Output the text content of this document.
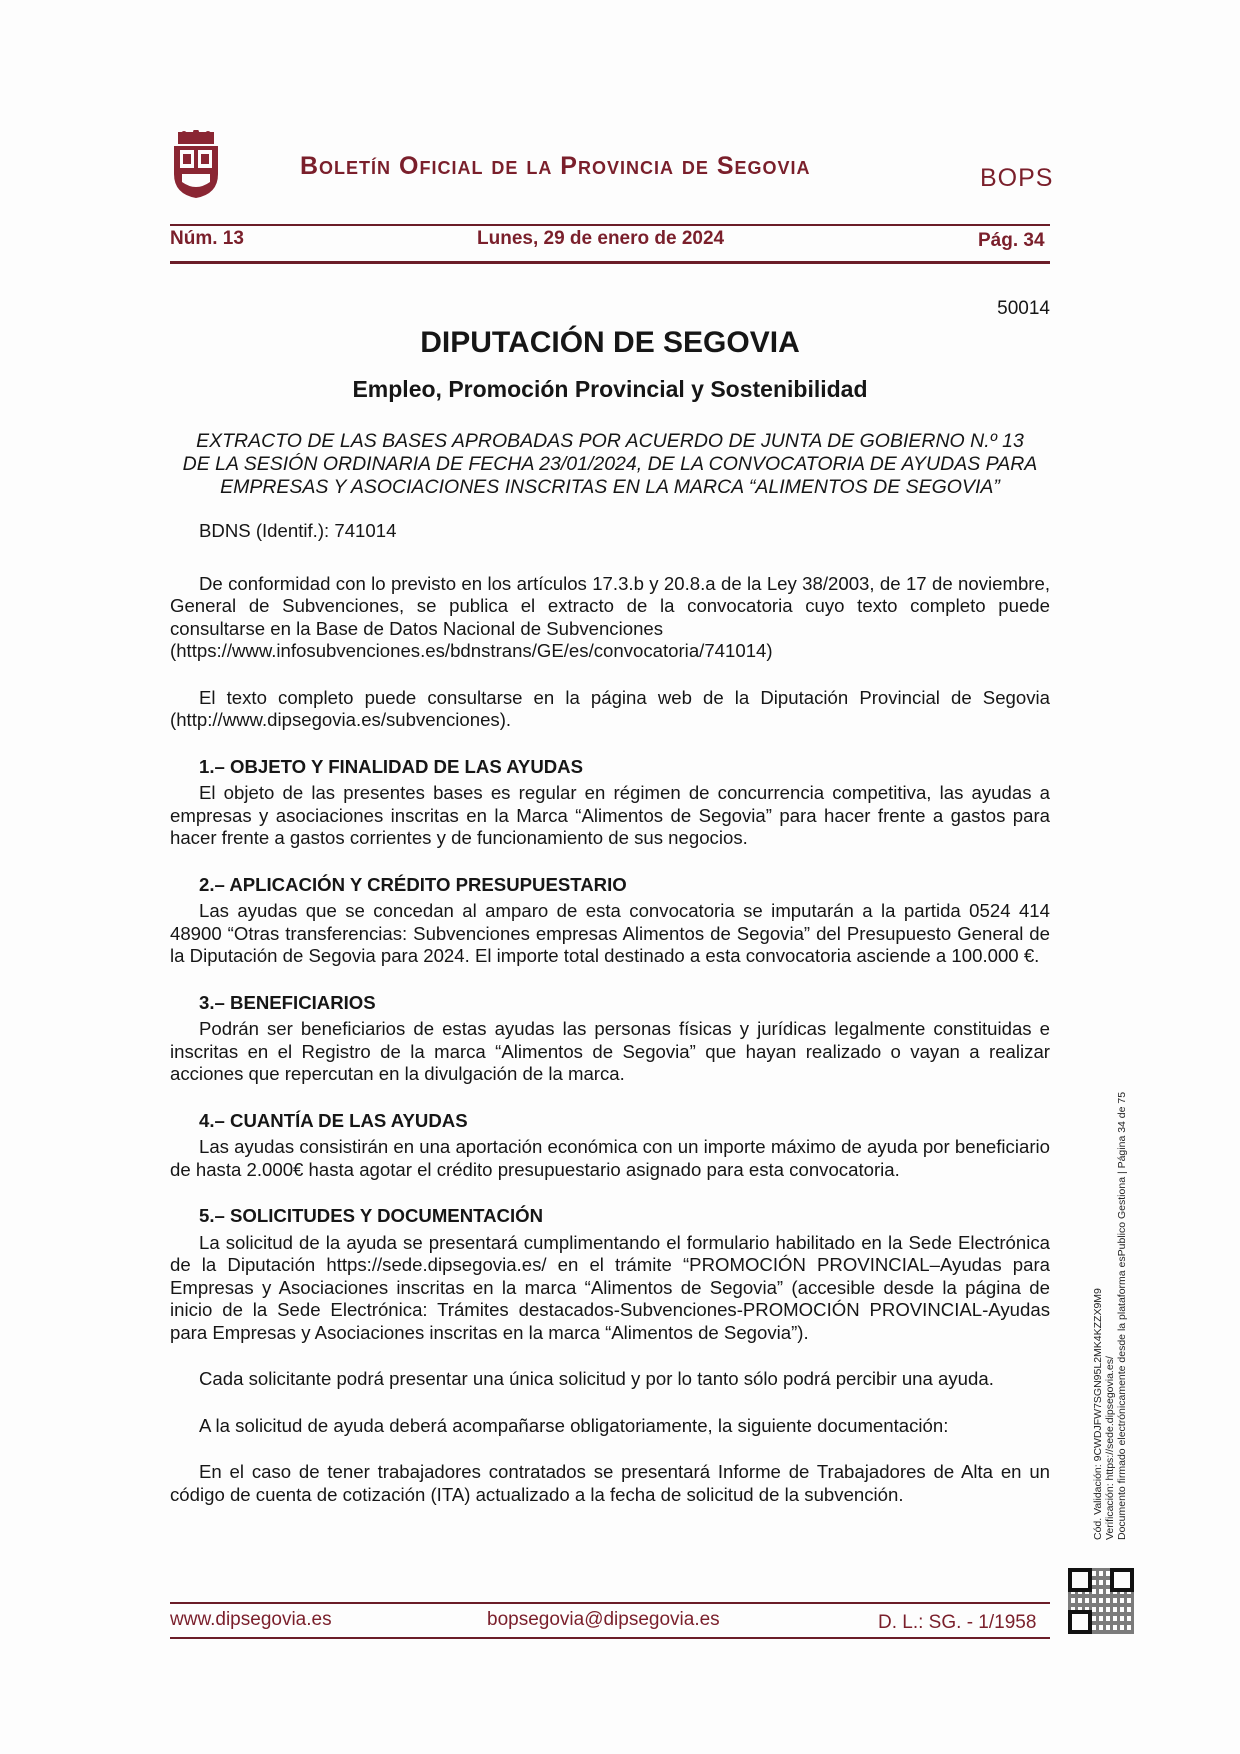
Boletín Oficial de la Provincia de Segovia	BOPS
Núm. 13	Lunes, 29 de enero de 2024	Pág. 34
50014
DIPUTACIÓN DE SEGOVIA
Empleo, Promoción Provincial y Sostenibilidad
EXTRACTO DE LAS BASES APROBADAS POR ACUERDO DE JUNTA DE GOBIERNO N.º 13
DE LA SESIÓN ORDINARIA DE FECHA 23/01/2024, DE LA CONVOCATORIA DE AYUDAS PARA
EMPRESAS Y ASOCIACIONES INSCRITAS EN LA MARCA “ALIMENTOS DE SEGOVIA”

BDNS (Identif.): 741014

De conformidad con lo previsto en los artículos 17.3.b y 20.8.a de la Ley 38/2003, de 17 de noviembre, General de Subvenciones, se publica el extracto de la convocatoria cuyo texto completo puede consultarse en la Base de Datos Nacional de Subvenciones

(https://www.infosubvenciones.es/bdnstrans/GE/es/convocatoria/741014)

El texto completo puede consultarse en la página web de la Diputación Provincial de Segovia (http://www.dipsegovia.es/subvenciones).

1.– OBJETO Y FINALIDAD DE LAS AYUDAS

El objeto de las presentes bases es regular en régimen de concurrencia competitiva, las ayudas a empresas y asociaciones inscritas en la Marca “Alimentos de Segovia” para hacer frente a gastos para hacer frente a gastos corrientes y de funcionamiento de sus negocios.

2.– APLICACIÓN Y CRÉDITO PRESUPUESTARIO

Las ayudas que se concedan al amparo de esta convocatoria se imputarán a la partida 0524 414 48900 “Otras transferencias: Subvenciones empresas Alimentos de Segovia” del Presupuesto General de la Diputación de Segovia para 2024. El importe total destinado a esta convocatoria asciende a 100.000 €.

3.– BENEFICIARIOS

Podrán ser beneficiarios de estas ayudas las personas físicas y jurídicas legalmente constituidas e inscritas en el Registro de la marca “Alimentos de Segovia” que hayan realizado o vayan a realizar acciones que repercutan en la divulgación de la marca.

4.– CUANTÍA DE LAS AYUDAS

Las ayudas consistirán en una aportación económica con un importe máximo de ayuda por beneficiario de hasta 2.000€ hasta agotar el crédito presupuestario asignado para esta convocatoria.

5.– SOLICITUDES Y DOCUMENTACIÓN

La solicitud de la ayuda se presentará cumplimentando el formulario habilitado en la Sede Electrónica de la Diputación https://sede.dipsegovia.es/ en el trámite “PROMOCIÓN PROVINCIAL–Ayudas para Empresas y Asociaciones inscritas en la marca “Alimentos de Segovia” (accesible desde la página de inicio de la Sede Electrónica: Trámites destacados-Subvenciones-PROMOCIÓN PROVINCIAL-Ayudas para Empresas y Asociaciones inscritas en la marca “Alimentos de Segovia”).

Cada solicitante podrá presentar una única solicitud y por lo tanto sólo podrá percibir una ayuda.

A la solicitud de ayuda deberá acompañarse obligatoriamente, la siguiente documentación:

En el caso de tener trabajadores contratados se presentará Informe de Trabajadores de Alta en un código de cuenta de cotización (ITA) actualizado a la fecha de solicitud de la subvención.	Cód. Validación: 9CWDJFW7SGN95L2MK4KZZX9M9 Verificación: https://sede.dipsegovia.es/ Documento firmado electrónicamente desde la plataforma esPublico Gestiona | Página 34 de 75
www.dipsegovia.es	bopsegovia@dipsegovia.es	D. L.: SG. - 1/1958
